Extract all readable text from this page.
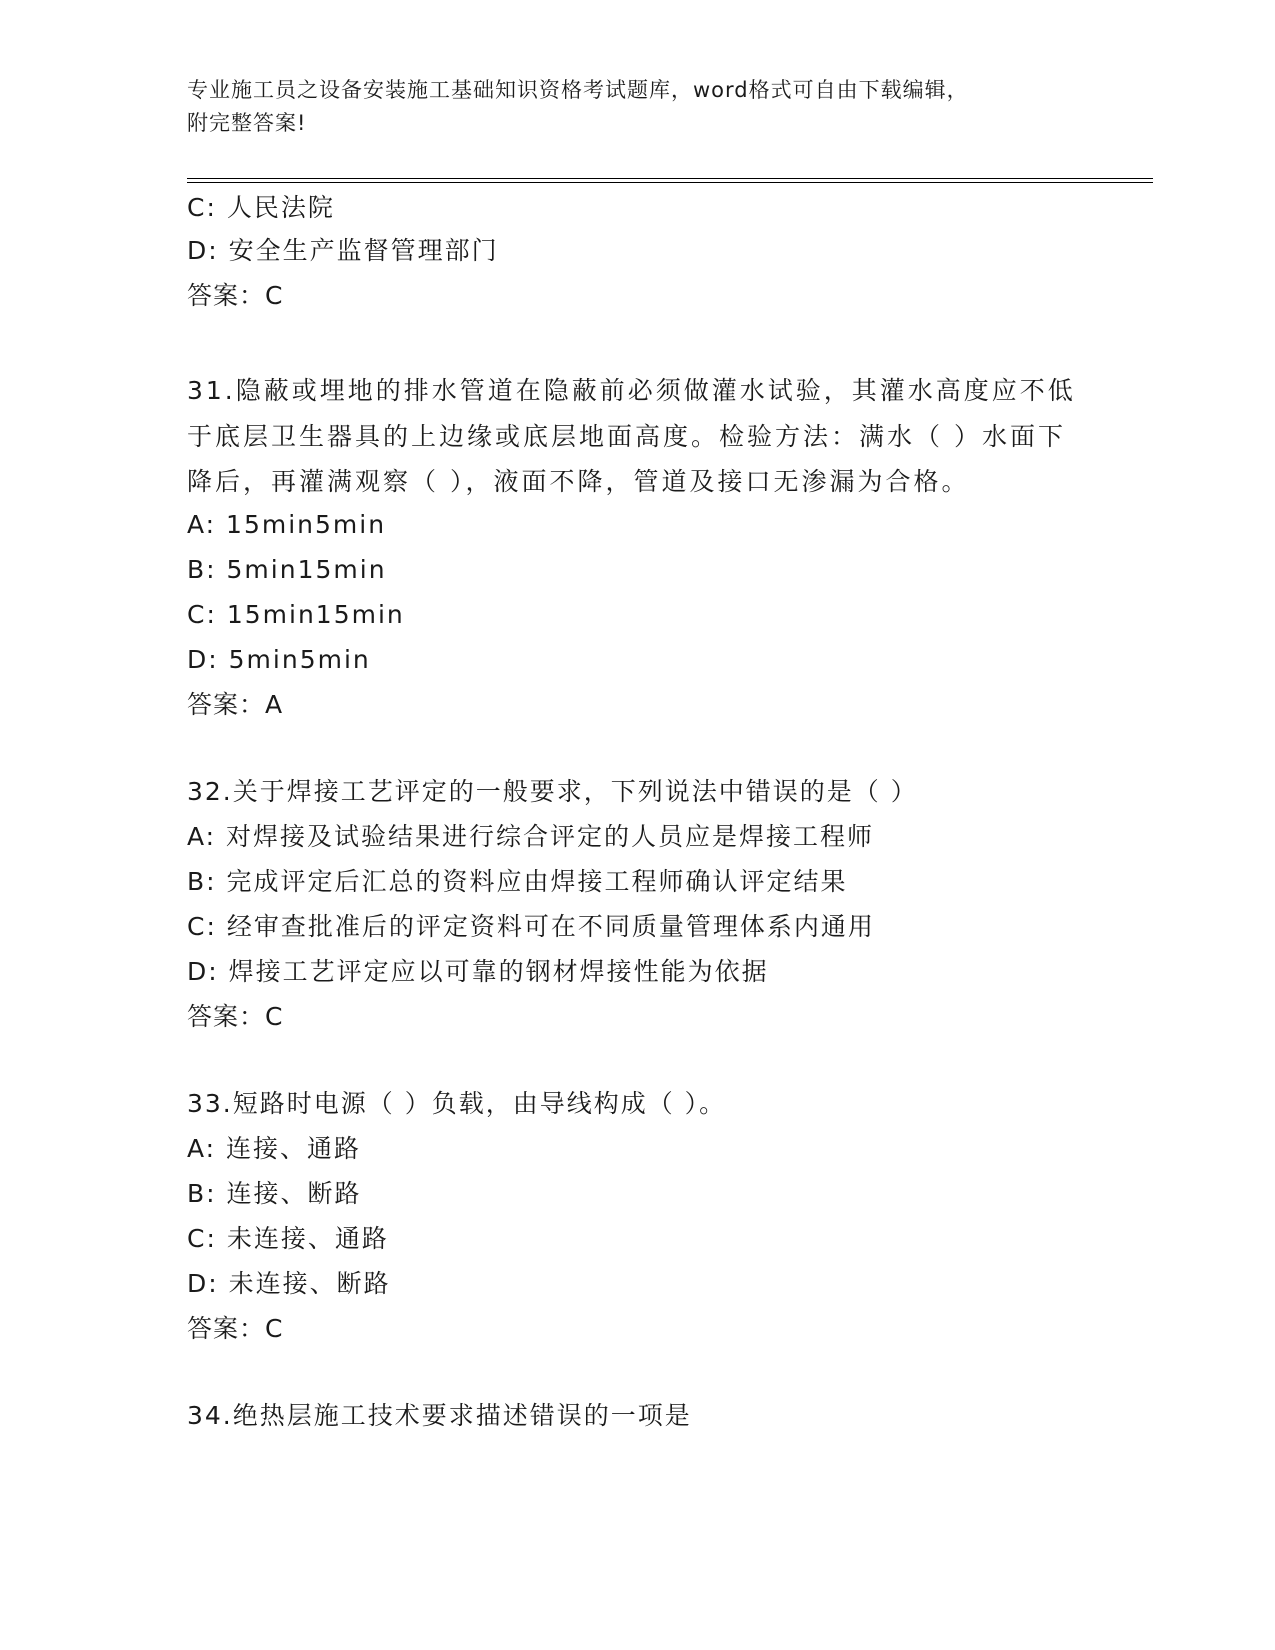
专业施工员之设备安装施工基础知识资格考试题库，word格式可自由下载编辑，
附完整答案!
C: 人民法院
D: 安全生产监督管理部门
答案：C
31.隐蔽或埋地的排水管道在隐蔽前必须做灌水试验，其灌水高度应不低于底层卫生器具的上边缘或底层地面高度。检验方法：满水（ ）水面下降后，再灌满观察（ ），液面不降，管道及接口无渗漏为合格。
A: 15min5min
B: 5min15min
C: 15min15min
D: 5min5min
答案：A
32.关于焊接工艺评定的一般要求，下列说法中错误的是（ ）
A: 对焊接及试验结果进行综合评定的人员应是焊接工程师
B: 完成评定后汇总的资料应由焊接工程师确认评定结果
C: 经审查批准后的评定资料可在不同质量管理体系内通用
D: 焊接工艺评定应以可靠的钢材焊接性能为依据
答案：C
33.短路时电源（ ）负载，由导线构成（ ）。
A: 连接、通路
B: 连接、断路
C: 未连接、通路
D: 未连接、断路
答案：C
34.绝热层施工技术要求描述错误的一项是
